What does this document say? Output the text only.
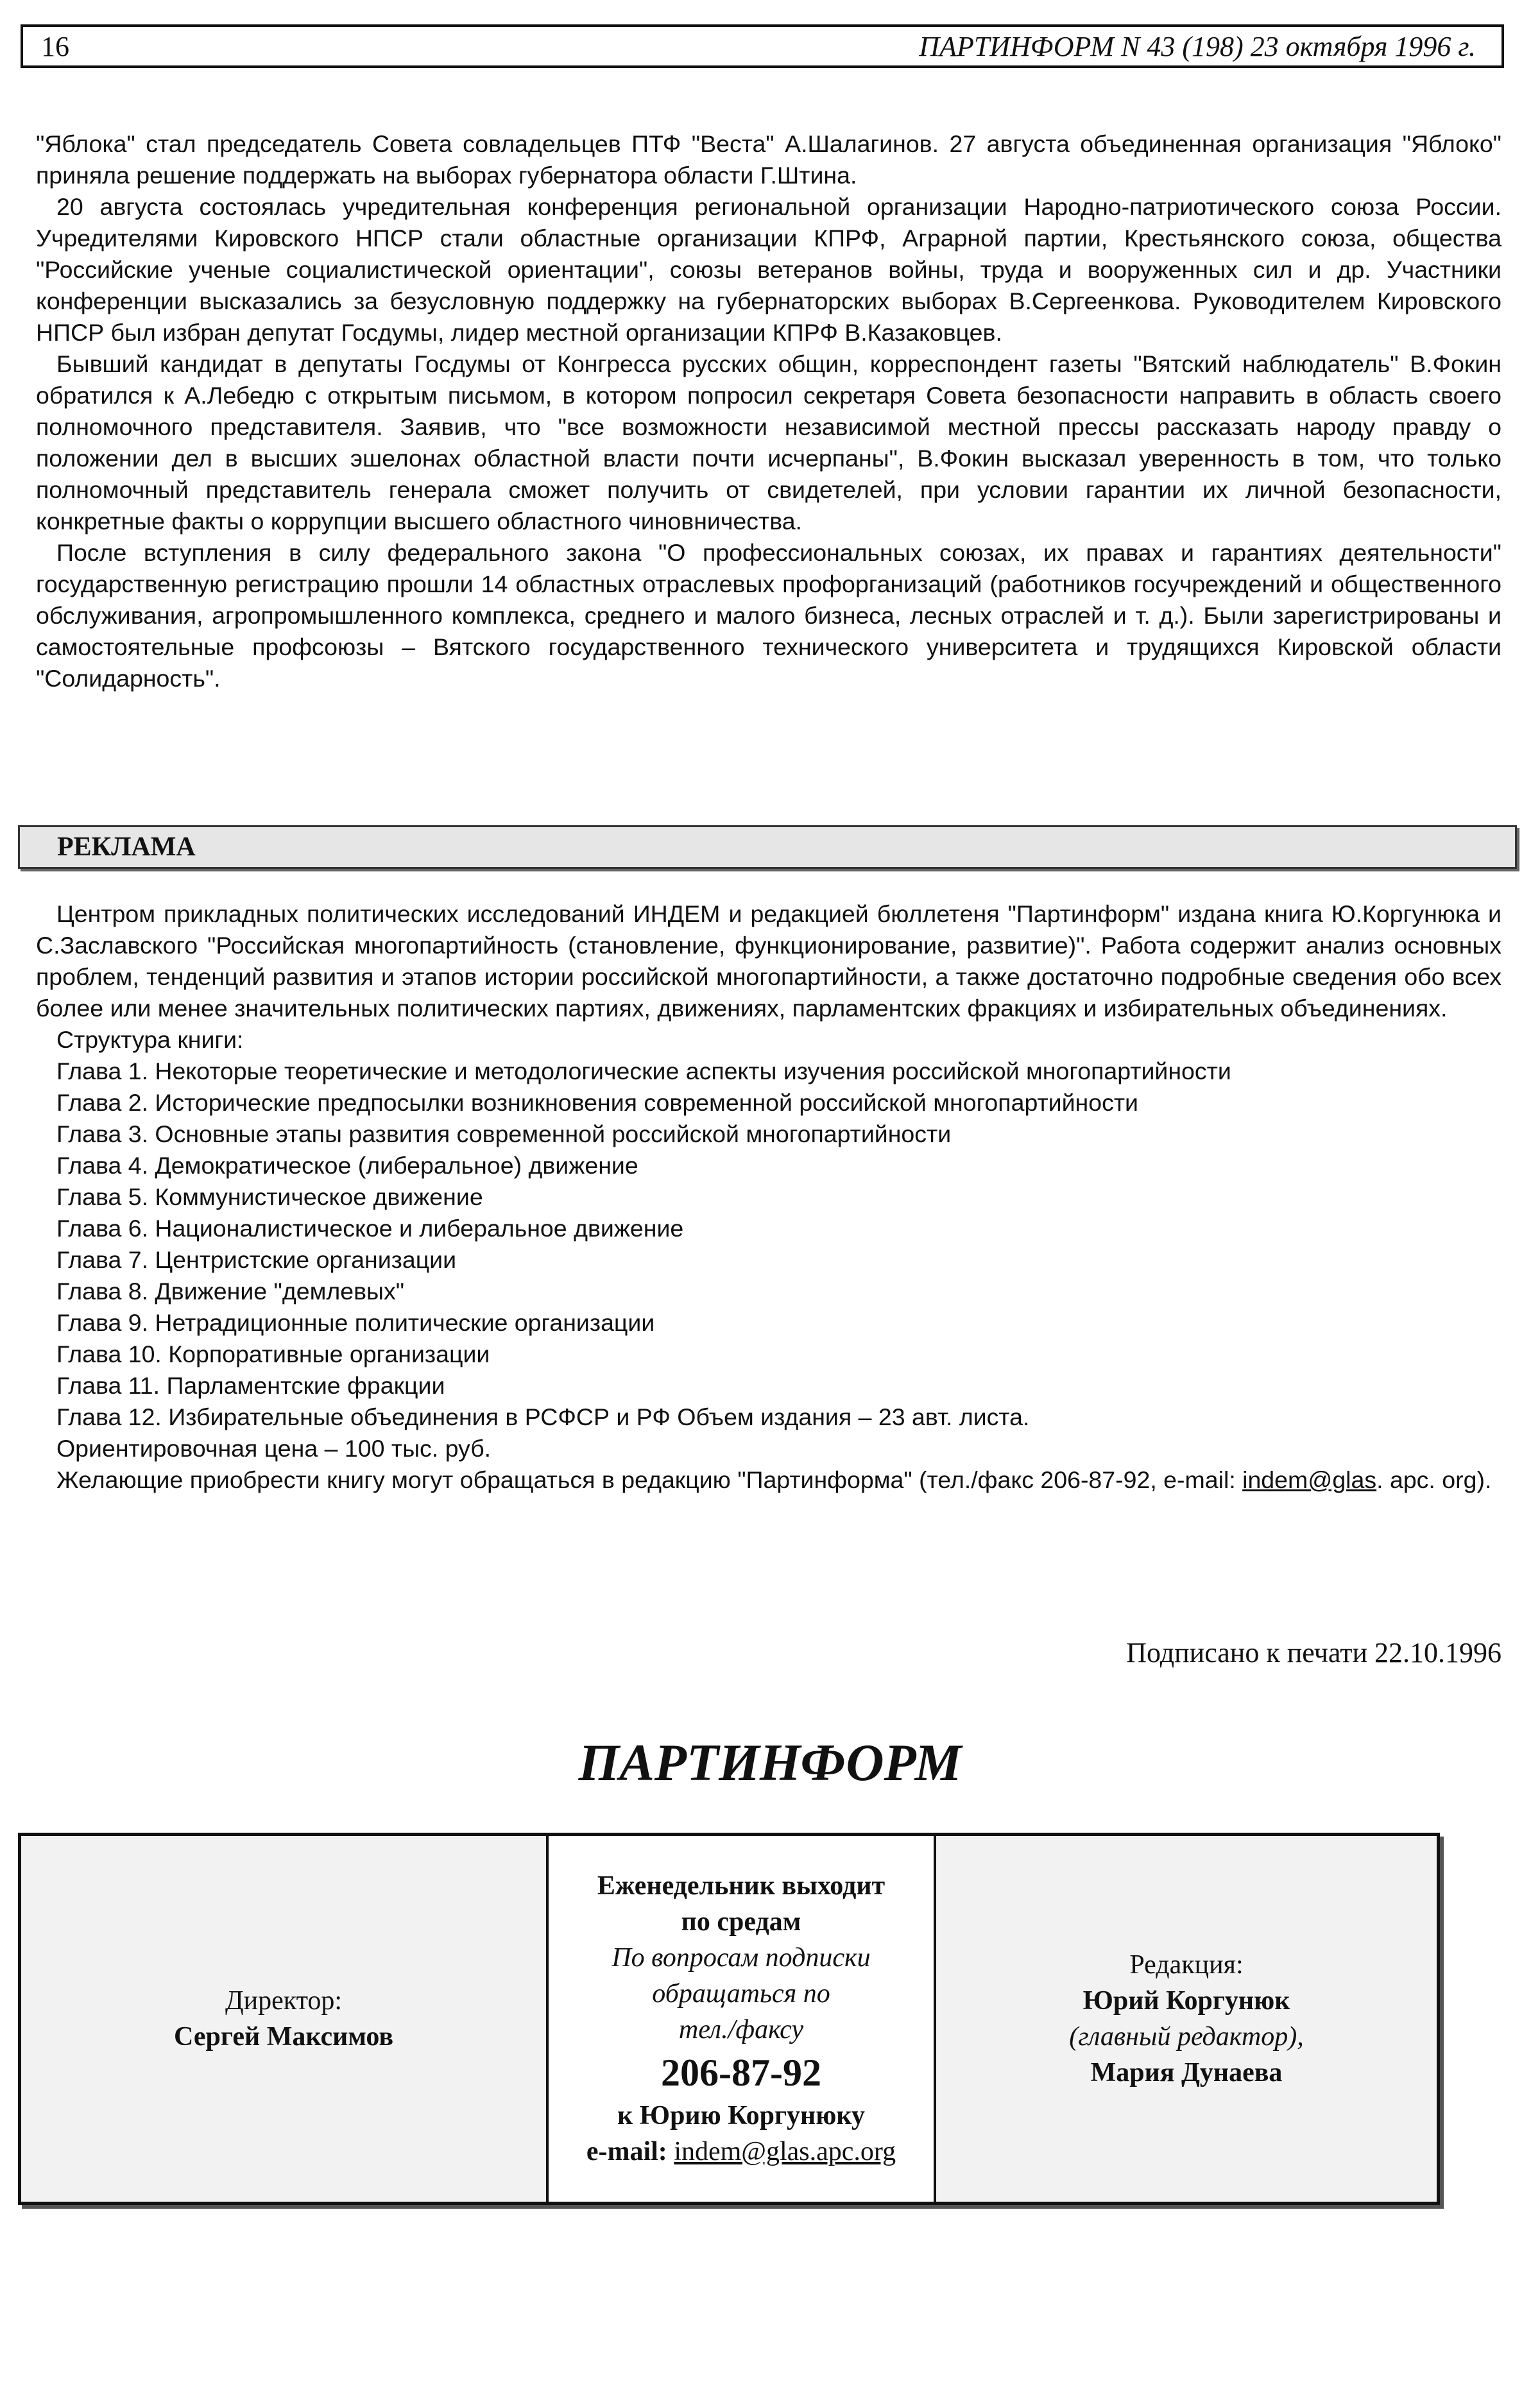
16	ПАРТИНФОРМ N 43 (198) 23 октября 1996 г.

"Яблока" стал председатель Совета совладельцев ПТФ "Веста" А.Шалагинов. 27 августа объединенная организация "Яблоко" приняла решение поддержать на выборах губернатора области Г.Штина.

20 августа состоялась учредительная конференция региональной организации Народно-патриотического союза России. Учредителями Кировского НПСР стали областные организации КПРФ, Аграрной партии, Крестьянского союза, общества "Российские ученые социалистической ориентации", союзы ветеранов войны, труда и вооруженных сил и др. Участники конференции высказались за безусловную поддержку на губернаторских выборах В.Сергеенкова. Руководителем Кировского НПСР был избран депутат Госдумы, лидер местной организации КПРФ В.Казаковцев.

Бывший кандидат в депутаты Госдумы от Конгресса русских общин, корреспондент газеты "Вятский наблюдатель" В.Фокин обратился к А.Лебедю с открытым письмом, в котором попросил секретаря Совета безопасности направить в область своего полномочного представителя. Заявив, что "все возможности независимой местной прессы рассказать народу правду о положении дел в высших эшелонах областной власти почти исчерпаны", В.Фокин высказал уверенность в том, что только полномочный представитель генерала сможет получить от свидетелей, при условии гарантии их личной безопасности, конкретные факты о коррупции высшего областного чиновничества.

После вступления в силу федерального закона "О профессиональных союзах, их правах и гарантиях деятельности" государственную регистрацию прошли 14 областных отраслевых профорганизаций (работников госучреждений и общественного обслуживания, агропромышленного комплекса, среднего и малого бизнеса, лесных отраслей и т. д.). Были зарегистрированы и самостоятельные профсоюзы – Вятского государственного технического университета и трудящихся Кировской области "Солидарность".

РЕКЛАМА

Центром прикладных политических исследований ИНДЕМ и редакцией бюллетеня "Партинформ" издана книга Ю.Коргунюка и С.Заславского "Российская многопартийность (становление, функционирование, развитие)". Работа содержит анализ основных проблем, тенденций развития и этапов истории российской многопартийности, а также достаточно подробные сведения обо всех более или менее значительных политических партиях, движениях, парламентских фракциях и избирательных объединениях.

Структура книги:

Глава 1. Некоторые теоретические и методологические аспекты изучения российской многопартийности
Глава 2. Исторические предпосылки возникновения современной российской многопартийности
Глава 3. Основные этапы развития современной российской многопартийности
Глава 4. Демократическое (либеральное) движение
Глава 5. Коммунистическое движение
Глава 6. Националистическое и либеральное движение
Глава 7. Центристские организации
Глава 8. Движение "демлевых"
Глава 9. Нетрадиционные политические организации
Глава 10. Корпоративные организации
Глава 11. Парламентские фракции
Глава 12. Избирательные объединения в РСФСР и РФ Объем издания – 23 авт. листа.

Ориентировочная цена – 100 тыс. руб.

Желающие приобрести книгу могут обращаться в редакцию "Партинформа" (тел./факс 206-87-92, e-mail: indem@glas. apc. org).

Подписано к печати 22.10.1996
ПАРТИНФОРМ
Директор:
Сергей Максимов
Еженедельник выходит
по средам
По вопросам подписки
обращаться по
тел./факсу
206-87-92
к Юрию Коргунюку
e-mail: indem@glas.apc.org
Редакция:
Юрий Коргунюк
(главный редактор),
Мария Дунаева
